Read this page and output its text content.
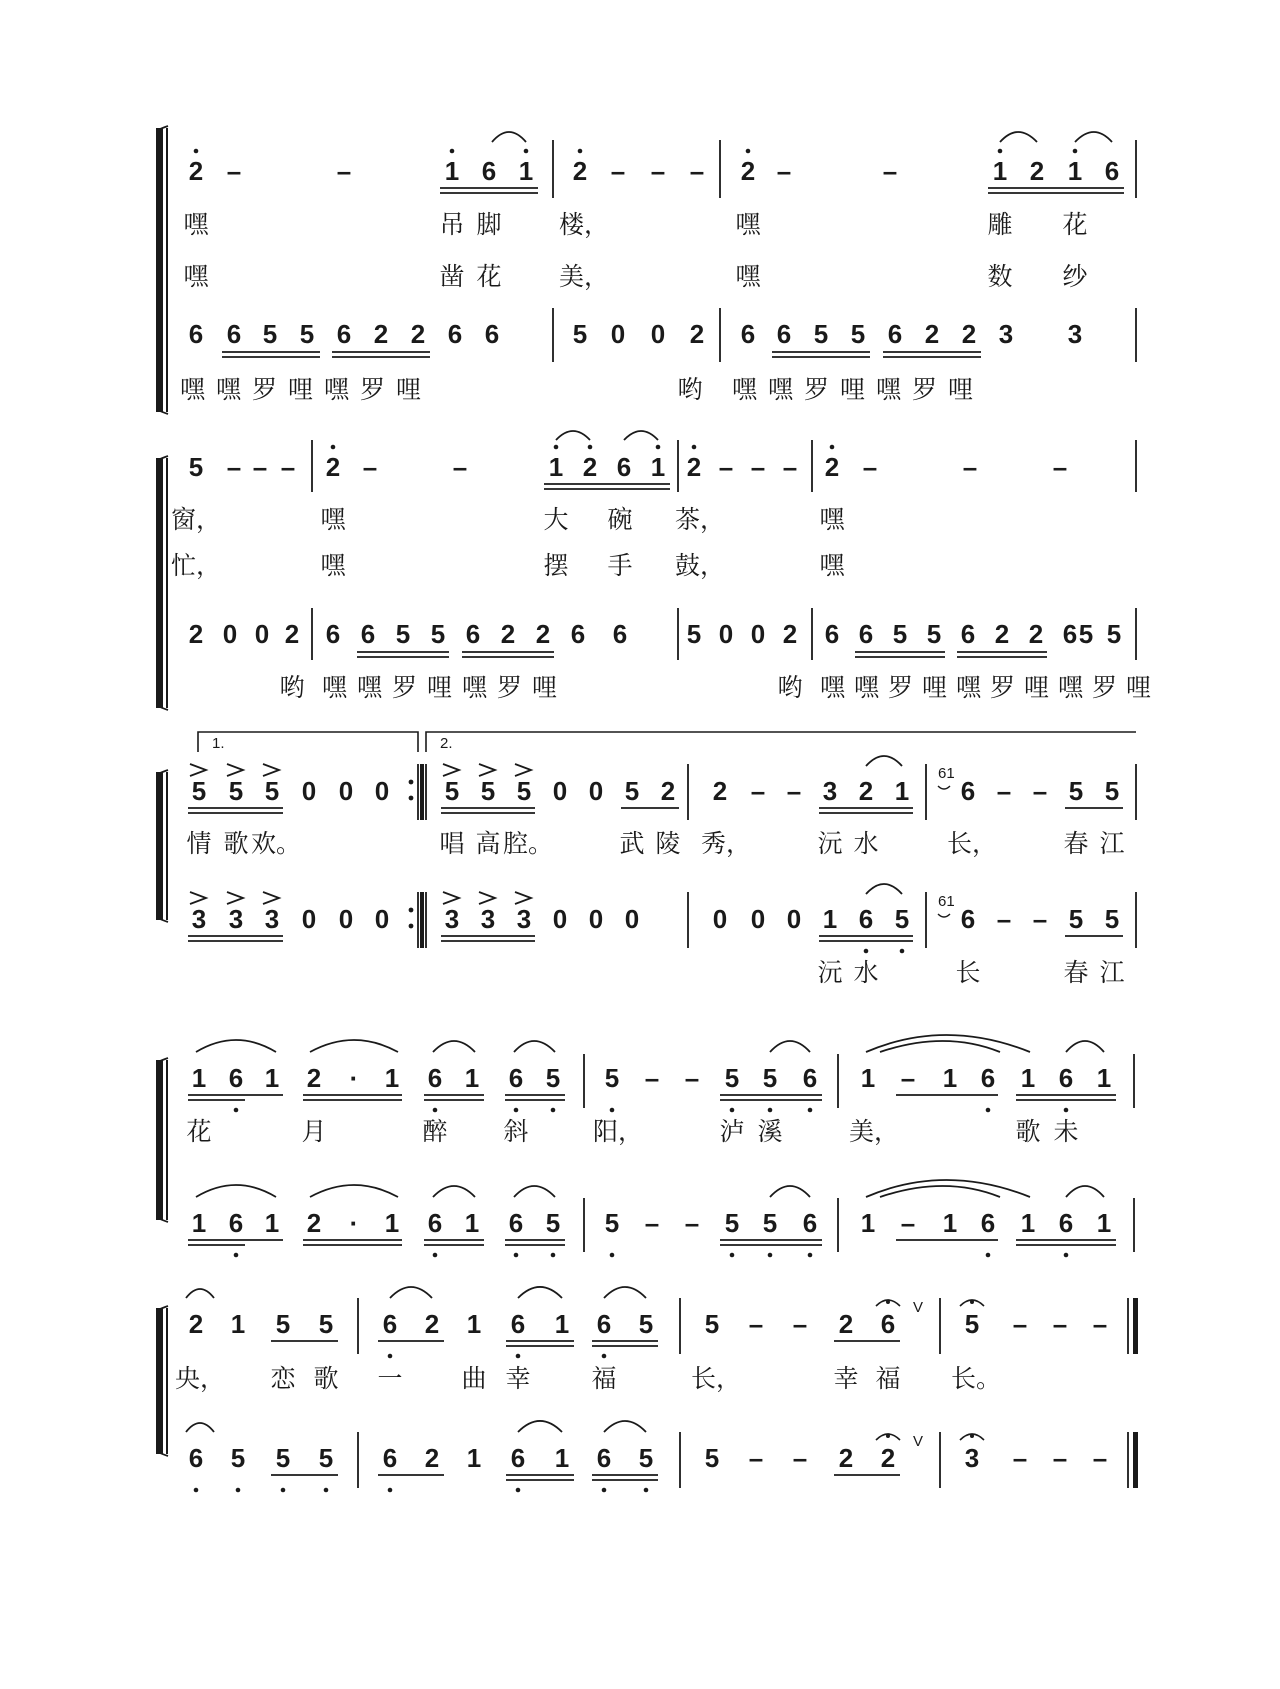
2 –	–	1 6 1 2 – – – 2 –	–	1 2 1 6
嘿	吊 脚 楼，	嘿	雕 花
嘿	凿 花 美，	嘿	数 纱
6 6 5 5 6 2 2 6 6	5 0 0 2 6 6 5 5 6 2 2 3 3
嘿嘿罗哩嘿罗哩	哟 嘿嘿罗哩嘿罗哩
5 – – – 2 –	–	1 2 6 1 2 – – – 2 –	–	–
窗，	嘿	大 碗 茶，	嘿
忙，	嘿	摆 手 鼓，	嘿
2 0 0 2 6 6 5 5 6 2 2 6 6 5 0 0 2 6 6 5 5 6 2 2 6 5 5
哟 嘿嘿罗哩嘿罗哩	哟 嘿嘿罗哩嘿罗哩嘿罗哩
1.	2.
5 5 5 0 0 0 5 5 5 0 0 5 2 2 – – 3 2 1 6 – – 5 5
61
情 歌 欢。	唱 高 腔。	武 陵 秀，	沅 水	长，	春 江
3 3 3 0 0 0 3 3 3 0 0 0	0 0 0 1 6 5 6 – – 5 5
61
沅 水	长	春 江
1 6 1 2 · 1 6 1 6 5 5 – – 5 5 6 1 – 1 6 1 6 1
花	月	醉 斜	阳，	泸 溪	美，	歌 未
1 6 1 2 · 1 6 1 6 5 5 – – 5 5 6 1 – 1 6 1 6 1
2 1 5 5 6 2 1 6 1 6 5 5 – – 2 6	5 – – –
V
央， 恋 歌 一 曲 幸 福	长，	幸 福 长。
6 5 5 5 6 2 1 6 1 6 5 5 – – 2 2	3 – – –
V
